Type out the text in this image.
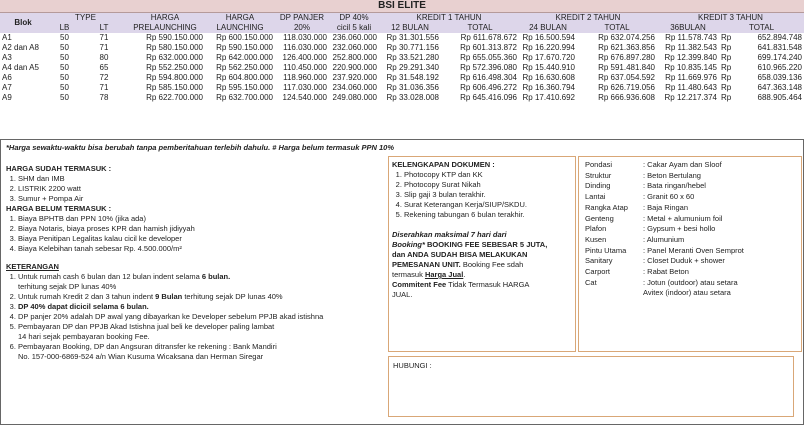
BSI ELITE
Blok	TYPE		HARGA	HARGA	DP PANJER	DP 40%	KREDIT 1 TAHUN		KREDIT 2 TAHUN		KREDIT 3 TAHUN		
	LB	LT	PRELAUNCHING	LAUNCHING	20%	cicil 5 kali	12 BULAN	TOTAL	24 BULAN	TOTAL	36BULAN	TOTAL	
A1	50	71	Rp 590.150.000	Rp 600.150.000	118.030.000	236.060.000	Rp 31.301.556	Rp 611.678.672	Rp 16.500.594	Rp 632.074.256	Rp 11.578.743	Rp	652.894.748
A2 dan A8	50	71	Rp 580.150.000	Rp 590.150.000	116.030.000	232.060.000	Rp 30.771.156	Rp 601.313.872	Rp 16.220.994	Rp 621.363.856	Rp 11.382.543	Rp	641.831.548
A3	50	80	Rp 632.000.000	Rp 642.000.000	126.400.000	252.800.000	Rp 33.521.280	Rp 655.055.360	Rp 17.670.720	Rp 676.897.280	Rp 12.399.840	Rp	699.174.240
A4 dan A5	50	65	Rp 552.250.000	Rp 562.250.000	110.450.000	220.900.000	Rp 29.291.340	Rp 572.396.080	Rp 15.440.910	Rp 591.481.840	Rp 10.835.145	Rp	610.965.220
A6	50	72	Rp 594.800.000	Rp 604.800.000	118.960.000	237.920.000	Rp 31.548.192	Rp 616.498.304	Rp 16.630.608	Rp 637.054.592	Rp 11.669.976	Rp	658.039.136
A7	50	71	Rp 585.150.000	Rp 595.150.000	117.030.000	234.060.000	Rp 31.036.356	Rp 606.496.272	Rp 16.360.794	Rp 626.719.056	Rp 11.480.643	Rp	647.363.148
A9	50	78	Rp 622.700.000	Rp 632.700.000	124.540.000	249.080.000	Rp 33.028.008	Rp 645.416.096	Rp 17.410.692	Rp 666.936.608	Rp 12.217.374	Rp	688.905.464
*Harga sewaktu-waktu bisa berubah tanpa pemberitahuan terlebih dahulu. # Harga belum termasuk PPN 10%
HARGA SUDAH TERMASUK :
1. SHM dan IMB
2. LISTRIK 2200 watt
3. Sumur + Pompa Air
HARGA BELUM TERMASUK :
1. Biaya BPHTB dan PPN 10% (jika ada)
2. Biaya Notaris, biaya proses KPR dan hamish jidiyyah
3. Biaya Penitipan Legalitas kalau cicil ke developer
4. Biaya Kelebihan tanah sebesar Rp. 4.500.000/m²
KETERANGAN
1. Untuk rumah cash 6 bulan dan 12 bulan indent selama 6 bulan.
terhitung sejak DP lunas 40%
2. Untuk rumah Kredit 2 dan 3 tahun indent 9 Bulan terhitung sejak DP lunas 40%
3. DP 40% dapat dicicil selama 6 bulan.
4. DP panjer 20% adalah DP awal yang dibayarkan ke Developer sebelum PPJB akad istishna
5. Pembayaran DP dan PPJB Akad Istishna jual beli ke developer paling lambat
14 hari sejak pembayaran booking Fee.
6. Pembayaran Booking, DP dan Angsuran ditransfer ke rekening : Bank Mandiri
No. 157-000-6869-524 a/n Wian Kusuma Wicaksana dan Herman Siregar
KELENGKAPAN DOKUMEN :
1. Photocopy KTP dan KK
2. Photocopy Surat Nikah
3. Slip gaji 3 bulan terakhir.
4. Surat Keterangan Kerja/SIUP/SKDU.
5. Rekening tabungan 6 bulan terakhir.
Diserahkan maksimal 7 hari dari
Booking* BOOKING FEE SEBESAR 5 JUTA,
dan ANDA SUDAH BISA MELAKUKAN
PEMESANAN UNIT. Booking Fee sdah
termasuk Harga Jual.
Commitent Fee Tidak Termasuk HARGA
JUAL.
Pondasi	: Cakar Ayam dan Sloof
Struktur	: Beton Bertulang
Dinding	: Bata ringan/hebel
Lantai	: Granit 60 x 60
Rangka Atap	: Baja Ringan
Genteng	: Metal + alumunium foil
Plafon	: Gypsum + besi hollo
Kusen	: Alumunium
Pintu Utama	: Panel Meranti Oven Semprot
Sanitary	: Closet Duduk + shower
Carport	: Rabat Beton
Cat	: Jotun (outdoor) atau setara
Avitex (indoor) atau setara
HUBUNGI :
